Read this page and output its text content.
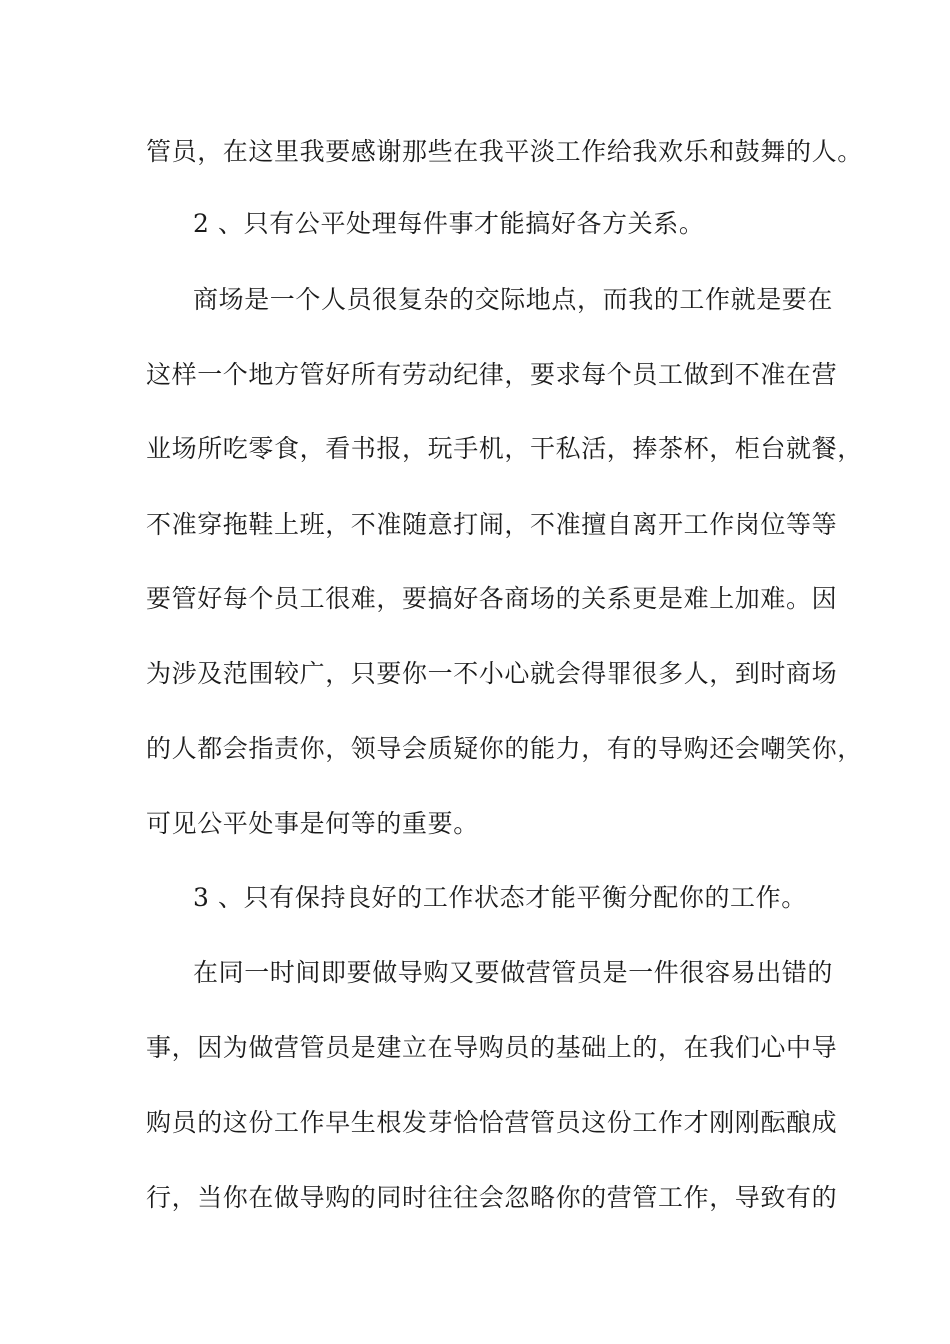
管员，在这里我要感谢那些在我平淡工作给我欢乐和鼓舞的人。
2 、只有公平处理每件事才能搞好各方关系。
商场是一个人员很复杂的交际地点，而我的工作就是要在
这样一个地方管好所有劳动纪律，要求每个员工做到不准在营
业场所吃零食，看书报，玩手机，干私活，捧茶杯，柜台就餐，
不准穿拖鞋上班，不准随意打闹，不准擅自离开工作岗位等等
要管好每个员工很难，要搞好各商场的关系更是难上加难。因
为涉及范围较广，只要你一不小心就会得罪很多人，到时商场
的人都会指责你，领导会质疑你的能力，有的导购还会嘲笑你，
可见公平处事是何等的重要。
3 、只有保持良好的工作状态才能平衡分配你的工作。
在同一时间即要做导购又要做营管员是一件很容易出错的
事，因为做营管员是建立在导购员的基础上的，在我们心中导
购员的这份工作早生根发芽恰恰营管员这份工作才刚刚酝酿成
行，当你在做导购的同时往往会忽略你的营管工作，导致有的
